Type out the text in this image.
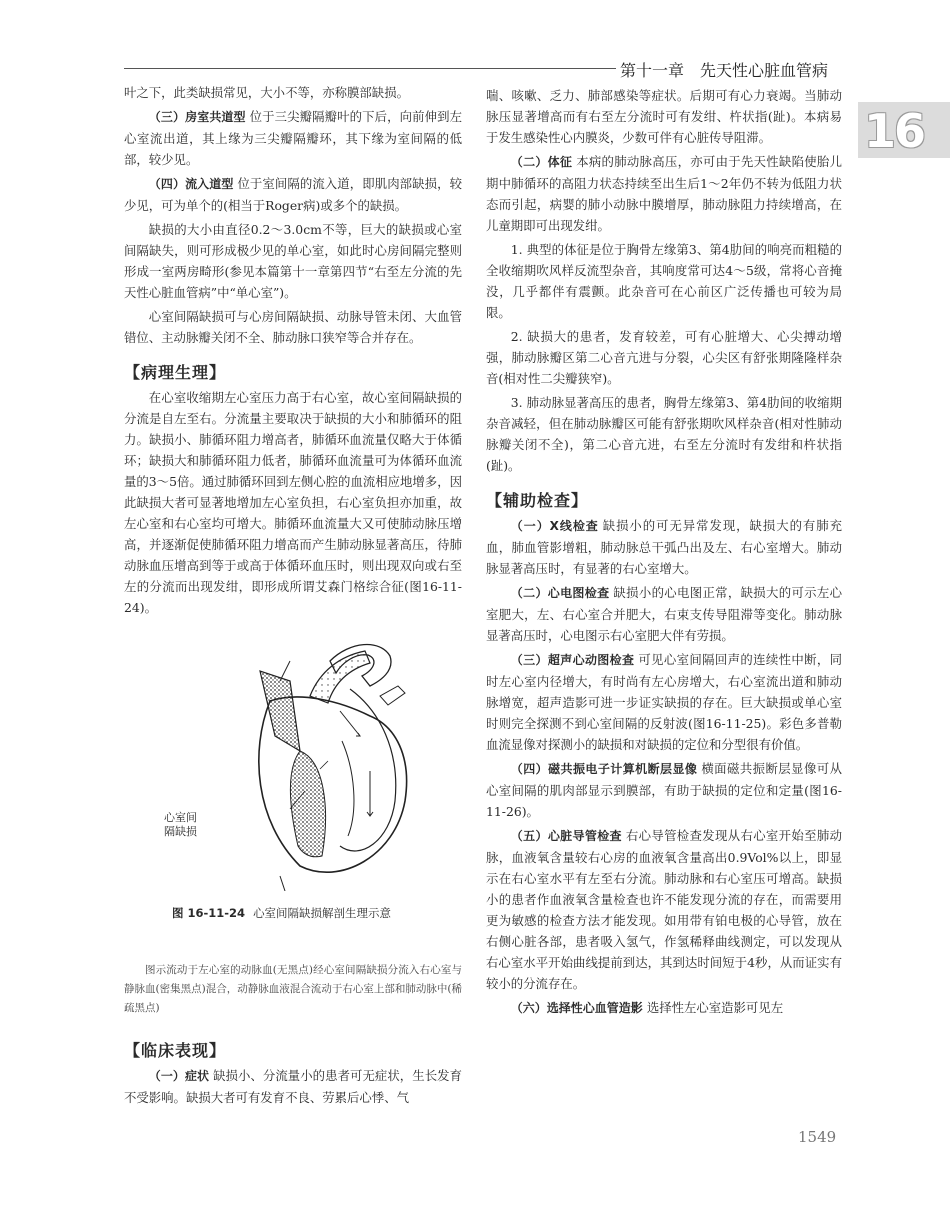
第十一章　先天性心脏血管病
16

叶之下，此类缺损常见，大小不等，亦称膜部缺损。

（三）房室共道型 位于三尖瓣隔瓣叶的下后，向前伸到左心室流出道，其上缘为三尖瓣隔瓣环，其下缘为室间隔的低部，较少见。

（四）流入道型 位于室间隔的流入道，即肌肉部缺损，较少见，可为单个的(相当于Roger病)或多个的缺损。

缺损的大小由直径0.2～3.0cm不等，巨大的缺损或心室间隔缺失，则可形成极少见的单心室，如此时心房间隔完整则形成一室两房畸形(参见本篇第十一章第四节“右至左分流的先天性心脏血管病”中“单心室”)。

心室间隔缺损可与心房间隔缺损、动脉导管未闭、大血管错位、主动脉瓣关闭不全、肺动脉口狭窄等合并存在。

【病理生理】

在心室收缩期左心室压力高于右心室，故心室间隔缺损的分流是自左至右。分流量主要取决于缺损的大小和肺循环的阻力。缺损小、肺循环阻力增高者，肺循环血流量仅略大于体循环；缺损大和肺循环阻力低者，肺循环血流量可为体循环血流量的3～5倍。通过肺循环回到左侧心腔的血流相应地增多，因此缺损大者可显著地增加左心室负担，右心室负担亦加重，故左心室和右心室均可增大。肺循环血流量大又可使肺动脉压增高，并逐渐促使肺循环阻力增高而产生肺动脉显著高压，待肺动脉血压增高到等于或高于体循环血压时，则出现双向或右至左的分流而出现发绀，即形成所谓艾森门格综合征(图16-11-24)。

心室间
隔缺损
图 16-11-24 心室间隔缺损解剖生理示意

图示流动于左心室的动脉血(无黑点)经心室间隔缺损分流入右心室与静脉血(密集黑点)混合，动静脉血液混合流动于右心室上部和肺动脉中(稀疏黑点)

【临床表现】

（一）症状 缺损小、分流量小的患者可无症状，生长发育不受影响。缺损大者可有发育不良、劳累后心悸、气

喘、咳嗽、乏力、肺部感染等症状。后期可有心力衰竭。当肺动脉压显著增高而有右至左分流时可有发绀、杵状指(趾)。本病易于发生感染性心内膜炎，少数可伴有心脏传导阻滞。

（二）体征 本病的肺动脉高压，亦可由于先天性缺陷使胎儿期中肺循环的高阻力状态持续至出生后1～2年仍不转为低阻力状态而引起，病婴的肺小动脉中膜增厚，肺动脉阻力持续增高，在儿童期即可出现发绀。

1. 典型的体征是位于胸骨左缘第3、第4肋间的响亮而粗糙的全收缩期吹风样反流型杂音，其响度常可达4～5级，常将心音掩没，几乎都伴有震颤。此杂音可在心前区广泛传播也可较为局限。

2. 缺损大的患者，发育较差，可有心脏增大、心尖搏动增强，肺动脉瓣区第二心音亢进与分裂，心尖区有舒张期隆隆样杂音(相对性二尖瓣狭窄)。

3. 肺动脉显著高压的患者，胸骨左缘第3、第4肋间的收缩期杂音减轻，但在肺动脉瓣区可能有舒张期吹风样杂音(相对性肺动脉瓣关闭不全)，第二心音亢进，右至左分流时有发绀和杵状指(趾)。

【辅助检查】

（一）X线检查 缺损小的可无异常发现，缺损大的有肺充血，肺血管影增粗，肺动脉总干弧凸出及左、右心室增大。肺动脉显著高压时，有显著的右心室增大。

（二）心电图检查 缺损小的心电图正常，缺损大的可示左心室肥大，左、右心室合并肥大，右束支传导阻滞等变化。肺动脉显著高压时，心电图示右心室肥大伴有劳损。

（三）超声心动图检查 可见心室间隔回声的连续性中断，同时左心室内径增大，有时尚有左心房增大，右心室流出道和肺动脉增宽，超声造影可进一步证实缺损的存在。巨大缺损或单心室时则完全探测不到心室间隔的反射波(图16-11-25)。彩色多普勒血流显像对探测小的缺损和对缺损的定位和分型很有价值。

（四）磁共振电子计算机断层显像 横面磁共振断层显像可从心室间隔的肌肉部显示到膜部，有助于缺损的定位和定量(图16-11-26)。

（五）心脏导管检查 右心导管检查发现从右心室开始至肺动脉，血液氧含量较右心房的血液氧含量高出0.9Vol%以上，即显示在右心室水平有左至右分流。肺动脉和右心室压可增高。缺损小的患者作血液氧含量检查也许不能发现分流的存在，而需要用更为敏感的检查方法才能发现。如用带有铂电极的心导管，放在右侧心脏各部，患者吸入氢气，作氢稀释曲线测定，可以发现从右心室水平开始曲线提前到达，其到达时间短于4秒，从而证实有较小的分流存在。

（六）选择性心血管造影 选择性左心室造影可见左

1549
